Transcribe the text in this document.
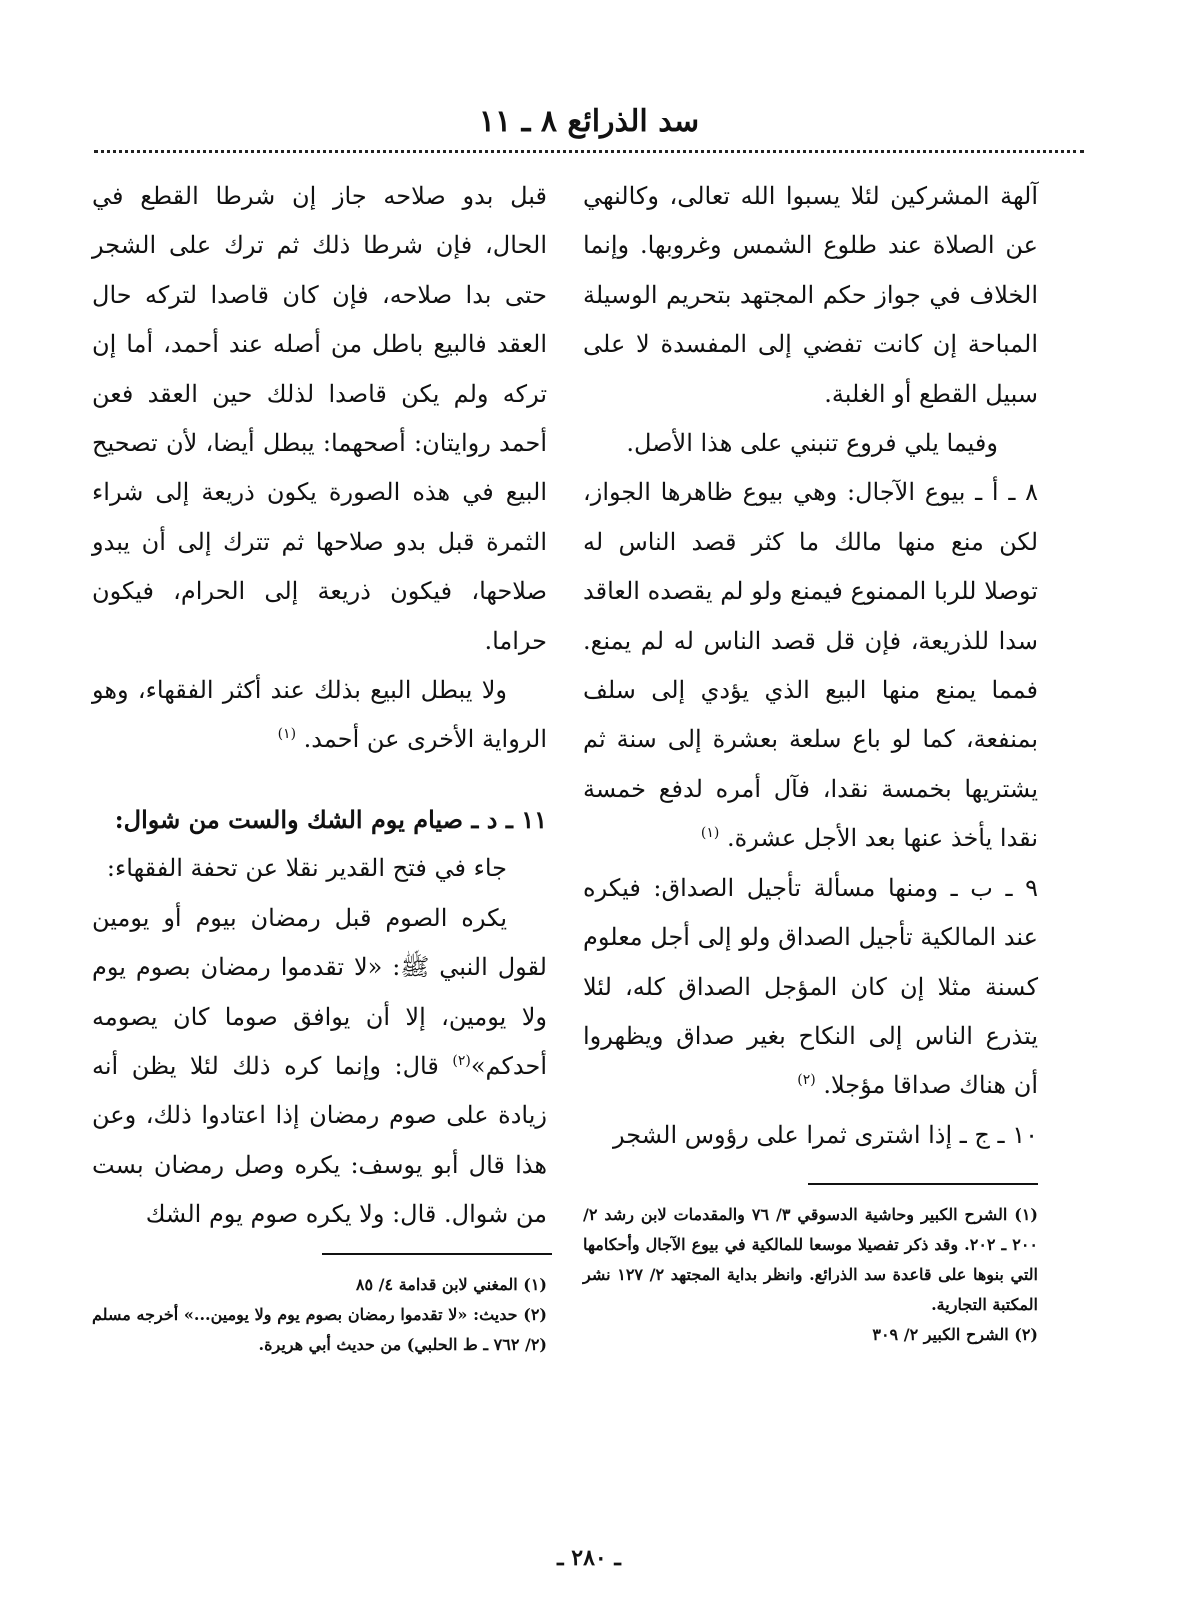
سد الذرائع ٨ ـ ١١

آلهة المشركين لئلا يسبوا الله تعالى، وكالنهي عن الصلاة عند طلوع الشمس وغروبها. وإنما الخلاف في جواز حكم المجتهد بتحريم الوسيلة المباحة إن كانت تفضي إلى المفسدة لا على سبيل القطع أو الغلبة.

وفيما يلي فروع تنبني على هذا الأصل.

٨ ـ أ ـ بيوع الآجال: وهي بيوع ظاهرها الجواز، لكن منع منها مالك ما كثر قصد الناس له توصلا للربا الممنوع فيمنع ولو لم يقصده العاقد سدا للذريعة، فإن قل قصد الناس له لم يمنع. فمما يمنع منها البيع الذي يؤدي إلى سلف بمنفعة، كما لو باع سلعة بعشرة إلى سنة ثم يشتريها بخمسة نقدا، فآل أمره لدفع خمسة نقدا يأخذ عنها بعد الأجل عشرة. $^{(١)}$

٩ ـ ب ـ ومنها مسألة تأجيل الصداق: فيكره عند المالكية تأجيل الصداق ولو إلى أجل معلوم كسنة مثلا إن كان المؤجل الصداق كله، لئلا يتذرع الناس إلى النكاح بغير صداق ويظهروا أن هناك صداقا مؤجلا. $^{(٢)}$

١٠ ـ ج ـ إذا اشترى ثمرا على رؤوس الشجر

قبل بدو صلاحه جاز إن شرطا القطع في الحال، فإن شرطا ذلك ثم ترك على الشجر حتى بدا صلاحه، فإن كان قاصدا لتركه حال العقد فالبيع باطل من أصله عند أحمد، أما إن تركه ولم يكن قاصدا لذلك حين العقد فعن أحمد روايتان: أصحهما: يبطل أيضا، لأن تصحيح البيع في هذه الصورة يكون ذريعة إلى شراء الثمرة قبل بدو صلاحها ثم تترك إلى أن يبدو صلاحها، فيكون ذريعة إلى الحرام، فيكون حراما.

ولا يبطل البيع بذلك عند أكثر الفقهاء، وهو الرواية الأخرى عن أحمد. $^{(١)}$

١١ ـ د ـ صيام يوم الشك والست من شوال:

جاء في فتح القدير نقلا عن تحفة الفقهاء:

يكره الصوم قبل رمضان بيوم أو يومين لقول النبي ﷺ: «لا تقدموا رمضان بصوم يوم ولا يومين، إلا أن يوافق صوما كان يصومه أحدكم»$^{(٢)}$ قال: وإنما كره ذلك لئلا يظن أنه زيادة على صوم رمضان إذا اعتادوا ذلك، وعن هذا قال أبو يوسف: يكره وصل رمضان بست من شوال. قال: ولا يكره صوم يوم الشك (١) الشرح الكبير وحاشية الدسوقي ٣/ ٧٦ والمقدمات لابن رشد ٢/ ٢٠٠ ـ ٢٠٢. وقد ذكر تفصيلا موسعا للمالكية في بيوع الآجال وأحكامها التي بنوها على قاعدة سد الذرائع. وانظر بداية المجتهد ٢/ ١٢٧ نشر المكتبة التجارية.

(٢) الشرح الكبير ٢/ ٣٠٩

(١) المغني لابن قدامة ٤/ ٨٥

(٢) حديث: «لا تقدموا رمضان بصوم يوم ولا يومين...» أخرجه مسلم (٢/ ٧٦٢ ـ ط الحلبي) من حديث أبي هريرة.

ـ ٢٨٠ ـ
